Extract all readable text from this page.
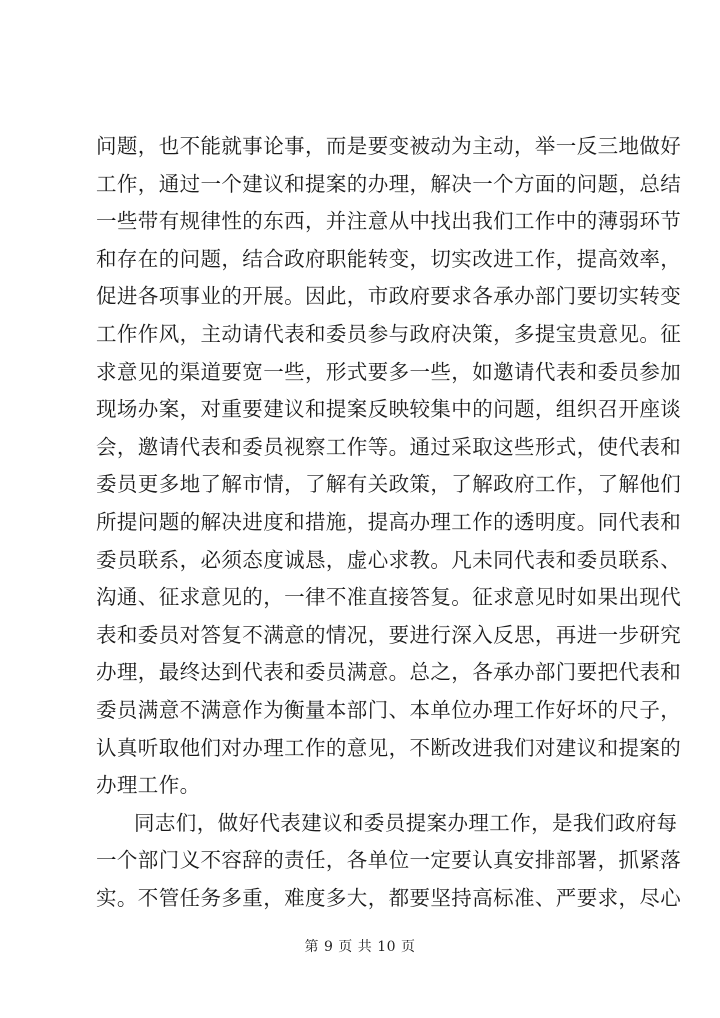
问题，也不能就事论事，而是要变被动为主动，举一反三地做好
工作，通过一个建议和提案的办理，解决一个方面的问题，总结
一些带有规律性的东西，并注意从中找出我们工作中的薄弱环节
和存在的问题，结合政府职能转变，切实改进工作，提高效率，
促进各项事业的开展。因此，市政府要求各承办部门要切实转变
工作作风，主动请代表和委员参与政府决策，多提宝贵意见。征
求意见的渠道要宽一些，形式要多一些，如邀请代表和委员参加
现场办案，对重要建议和提案反映较集中的问题，组织召开座谈
会，邀请代表和委员视察工作等。通过采取这些形式，使代表和
委员更多地了解市情，了解有关政策，了解政府工作，了解他们
所提问题的解决进度和措施，提高办理工作的透明度。同代表和
委员联系，必须态度诚恳，虚心求教。凡未同代表和委员联系、
沟通、征求意见的，一律不准直接答复。征求意见时如果出现代
表和委员对答复不满意的情况，要进行深入反思，再进一步研究
办理，最终达到代表和委员满意。总之，各承办部门要把代表和
委员满意不满意作为衡量本部门、本单位办理工作好坏的尺子，
认真听取他们对办理工作的意见，不断改进我们对建议和提案的
办理工作。
同志们，做好代表建议和委员提案办理工作，是我们政府每
一个部门义不容辞的责任，各单位一定要认真安排部署，抓紧落
实。不管任务多重，难度多大，都要坚持高标准、严要求，尽心
第 9 页 共 10 页
